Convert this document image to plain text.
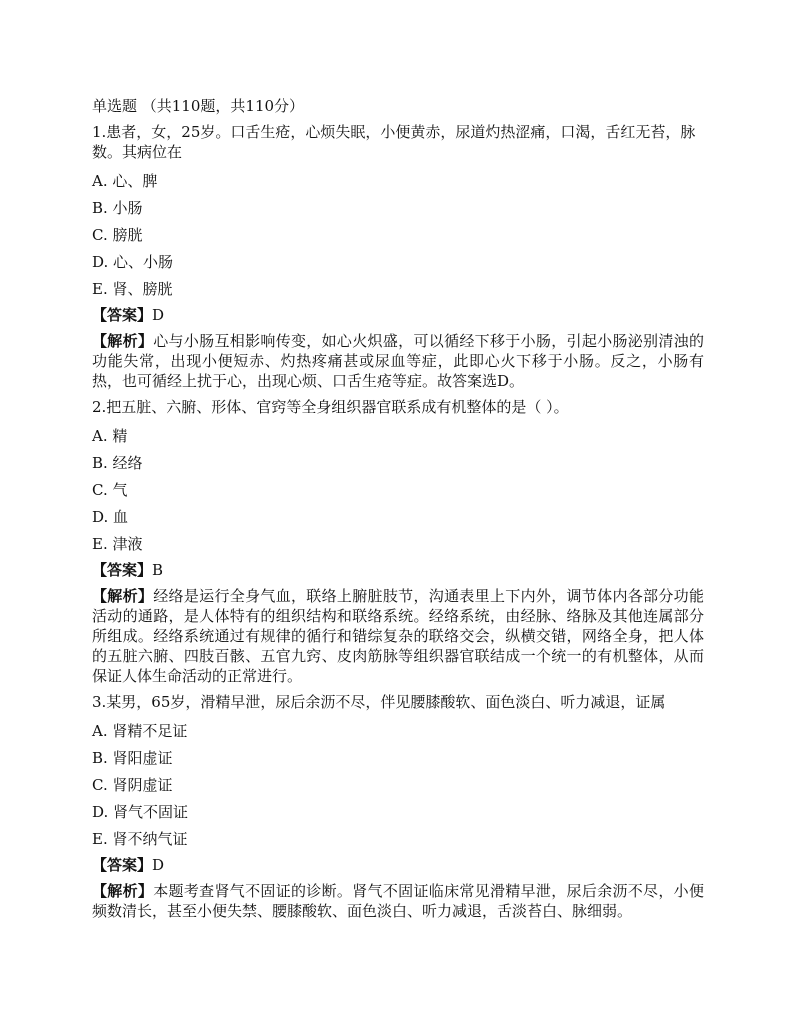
单选题 （共110题，共110分）
1.患者，女，25岁。口舌生疮，心烦失眠，小便黄赤，尿道灼热涩痛，口渴，舌红无苔，脉数。其病位在
A. 心、脾
B. 小肠
C. 膀胱
D. 心、小肠
E. 肾、膀胱
【答案】D
【解析】心与小肠互相影响传变，如心火炽盛，可以循经下移于小肠，引起小肠泌别清浊的功能失常，出现小便短赤、灼热疼痛甚或尿血等症，此即心火下移于小肠。反之，小肠有热，也可循经上扰于心，出现心烦、口舌生疮等症。故答案选D。
2.把五脏、六腑、形体、官窍等全身组织器官联系成有机整体的是（ ）。
A. 精
B. 经络
C. 气
D. 血
E. 津液
【答案】B
【解析】经络是运行全身气血，联络上腑脏肢节，沟通表里上下内外，调节体内各部分功能活动的通路，是人体特有的组织结构和联络系统。经络系统，由经脉、络脉及其他连属部分所组成。经络系统通过有规律的循行和错综复杂的联络交会，纵横交错，网络全身，把人体的五脏六腑、四肢百骸、五官九窍、皮肉筋脉等组织器官联结成一个统一的有机整体，从而保证人体生命活动的正常进行。
3.某男，65岁，滑精早泄，尿后余沥不尽，伴见腰膝酸软、面色淡白、听力减退，证属
A. 肾精不足证
B. 肾阳虚证
C. 肾阴虚证
D. 肾气不固证
E. 肾不纳气证
【答案】D
【解析】本题考查肾气不固证的诊断。肾气不固证临床常见滑精早泄，尿后余沥不尽，小便频数清长，甚至小便失禁、腰膝酸软、面色淡白、听力减退，舌淡苔白、脉细弱。
